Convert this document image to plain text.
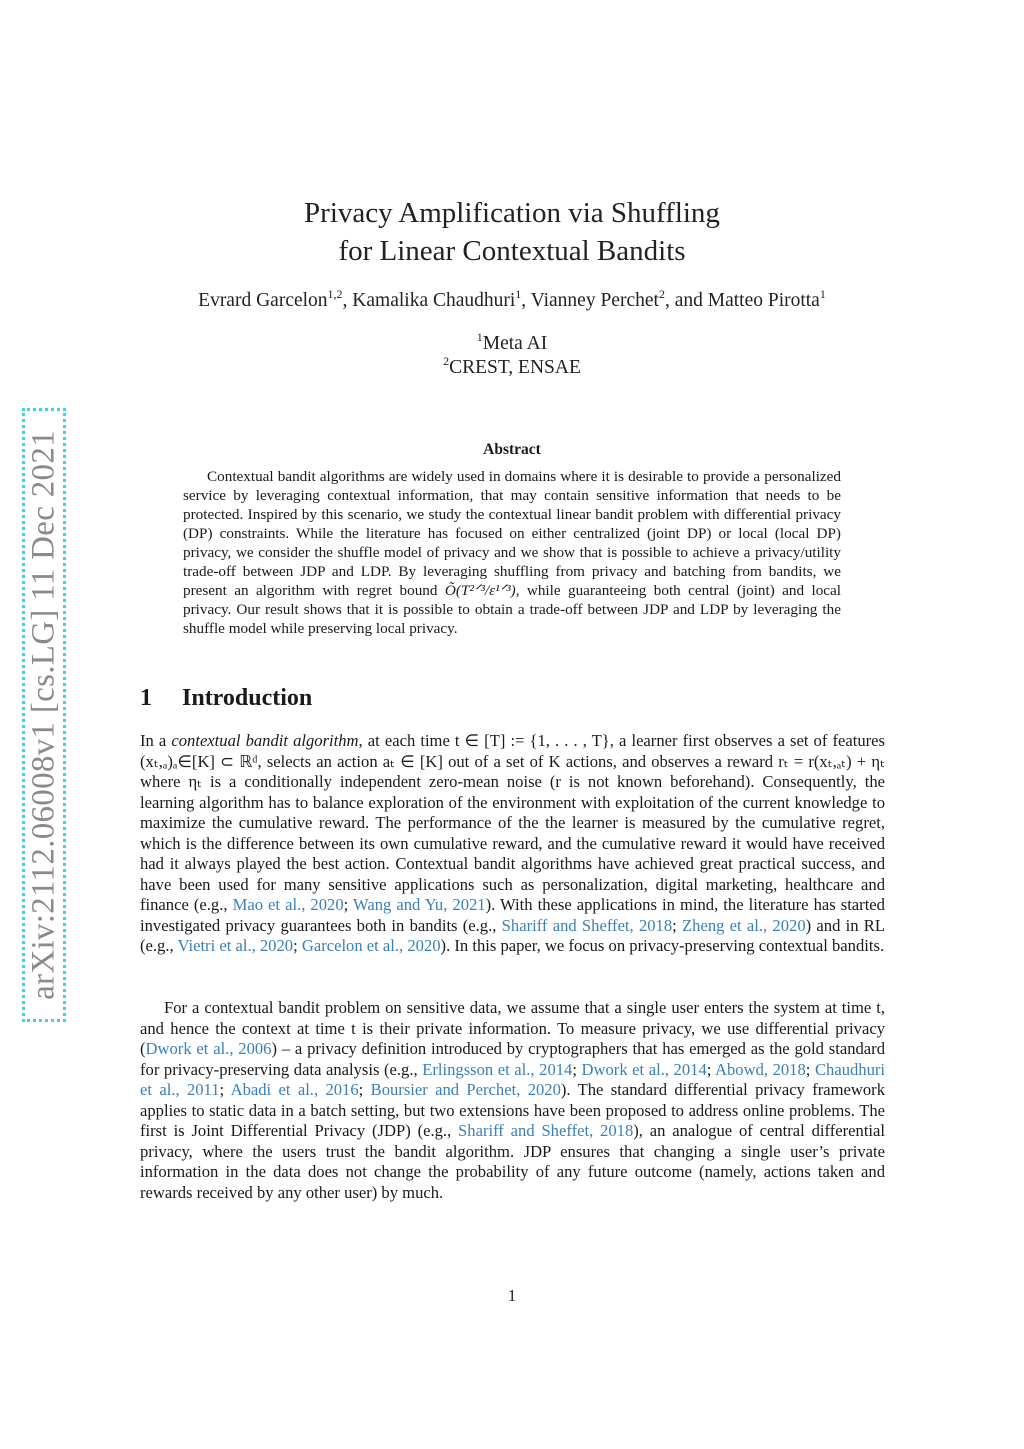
arXiv:2112.06008v1 [cs.LG] 11 Dec 2021
Privacy Amplification via Shuffling
for Linear Contextual Bandits
Evrard Garcelon$^{1,2}$, Kamalika Chaudhuri$^1$, Vianney Perchet$^2$, and Matteo Pirotta$^1$
$^1$Meta AI
$^2$CREST, ENSAE
Abstract

Contextual bandit algorithms are widely used in domains where it is desirable to provide a personalized service by leveraging contextual information, that may contain sensitive information that needs to be protected. Inspired by this scenario, we study the contextual linear bandit problem with differential privacy (DP) constraints. While the literature has focused on either centralized (joint DP) or local (local DP) privacy, we consider the shuffle model of privacy and we show that is possible to achieve a privacy/utility trade-off between JDP and LDP. By leveraging shuffling from privacy and batching from bandits, we present an algorithm with regret bound Õ(T²ᐟ³/ε¹ᐟ³), while guaranteeing both central (joint) and local privacy. Our result shows that it is possible to obtain a trade-off between JDP and LDP by leveraging the shuffle model while preserving local privacy.

1 Introduction

In a contextual bandit algorithm, at each time t ∈ [T] := {1, . . . , T}, a learner first observes a set of features (xₜ,ₐ)ₐ∈[K] ⊂ ℝᵈ, selects an action aₜ ∈ [K] out of a set of K actions, and observes a reward rₜ = r(xₜ,ₐₜ) + ηₜ where ηₜ is a conditionally independent zero-mean noise (r is not known beforehand). Consequently, the learning algorithm has to balance exploration of the environment with exploitation of the current knowledge to maximize the cumulative reward. The performance of the the learner is measured by the cumulative regret, which is the difference between its own cumulative reward, and the cumulative reward it would have received had it always played the best action. Contextual bandit algorithms have achieved great practical success, and have been used for many sensitive applications such as personalization, digital marketing, healthcare and finance (e.g., Mao et al., 2020; Wang and Yu, 2021). With these applications in mind, the literature has started investigated privacy guarantees both in bandits (e.g., Shariff and Sheffet, 2018; Zheng et al., 2020) and in RL (e.g., Vietri et al., 2020; Garcelon et al., 2020). In this paper, we focus on privacy-preserving contextual bandits.

For a contextual bandit problem on sensitive data, we assume that a single user enters the system at time t, and hence the context at time t is their private information. To measure privacy, we use differential privacy (Dwork et al., 2006) – a privacy definition introduced by cryptographers that has emerged as the gold standard for privacy-preserving data analysis (e.g., Erlingsson et al., 2014; Dwork et al., 2014; Abowd, 2018; Chaudhuri et al., 2011; Abadi et al., 2016; Boursier and Perchet, 2020). The standard differential privacy framework applies to static data in a batch setting, but two extensions have been proposed to address online problems. The first is Joint Differential Privacy (JDP) (e.g., Shariff and Sheffet, 2018), an analogue of central differential privacy, where the users trust the bandit algorithm. JDP ensures that changing a single user’s private information in the data does not change the probability of any future outcome (namely, actions taken and rewards received by any other user) by much.

1
